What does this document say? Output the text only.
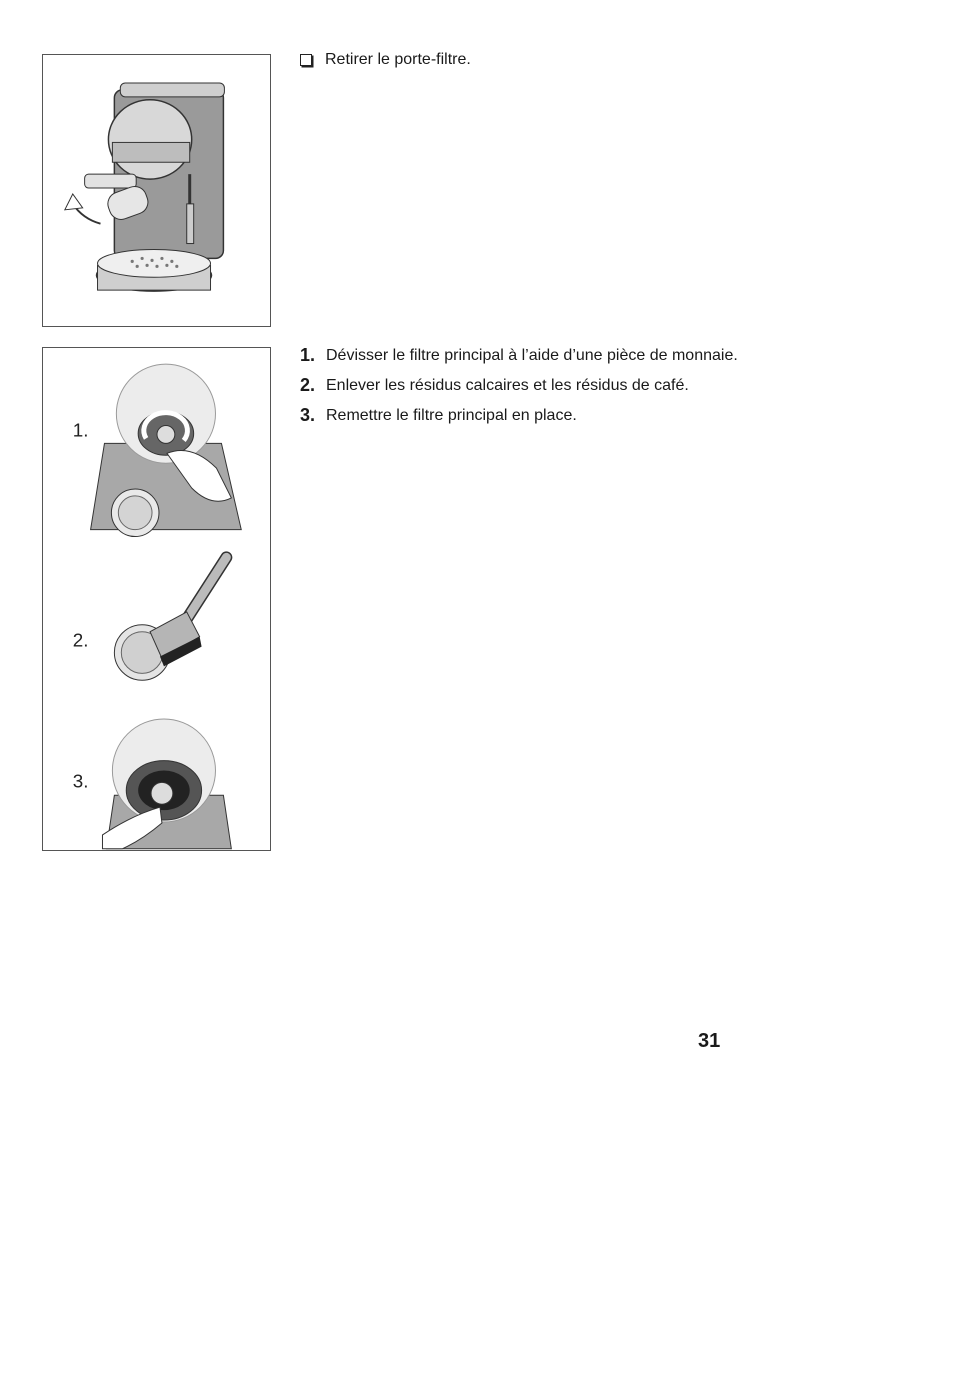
1.
2.
3.
Retirer le porte-filtre.
1. Dévisser le filtre principal à l’aide d’une pièce de monnaie.
2. Enlever les résidus calcaires et les résidus de café.
3. Remettre le filtre principal en place.
31
